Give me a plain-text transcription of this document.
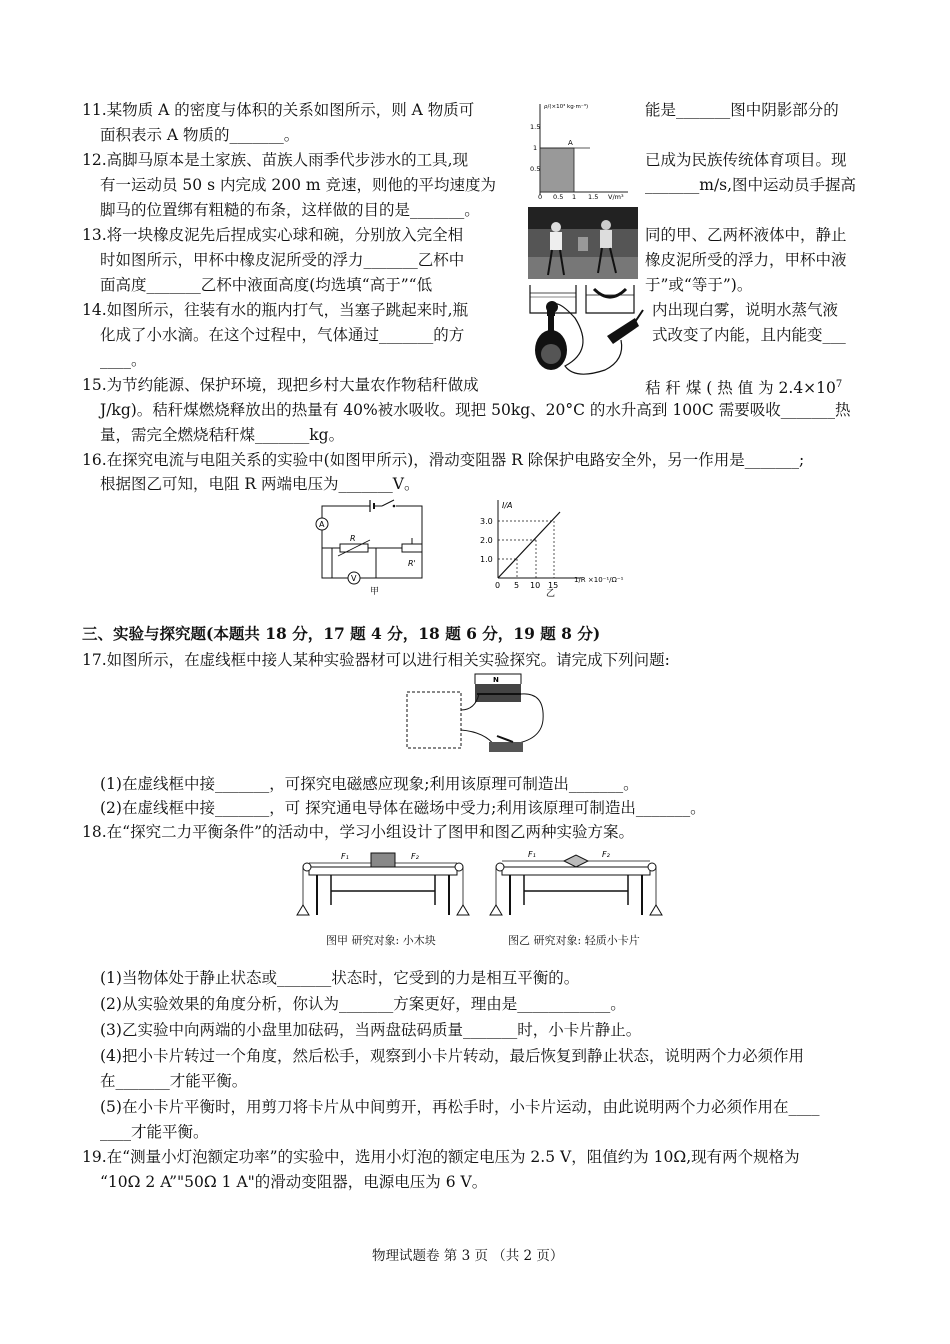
11.某物质 A 的密度与体积的关系如图所示，则 A 物质可	能是_______图中阴影部分的
面积表示 A 物质的_______。	A
ρ/(×10³ kg·m⁻³)
1.5
1
0.5
0 0.5 1 1.5 V/m³
12.高脚马原本是土家族、苗族人雨季代步涉水的工具,现	已成为民族传统体育项目。现
有一运动员 50 s 内完成 200 m 竞速，则他的平均速度为	_______m/s,图中运动员手握高
脚马的位置绑有粗糙的布条，这样做的目的是_______。
13.将一块橡皮泥先后捏成实心球和碗，分别放入完全相	同的甲、乙两杯液体中，静止
时如图所示，甲杯中橡皮泥所受的浮力_______乙杯中	橡皮泥所受的浮力，甲杯中液
面高度_______乙杯中液面高度(均选填“高于”“低	于”或“等于”)。
14.如图所示，往装有水的瓶内打气，当塞子跳起来时,瓶	内出现白雾，说明水蒸气液
化成了小水滴。在这个过程中，气体通过_______的方	式改变了内能，且内能变___
____。
15.为节约能源、保护环境，现把乡村大量农作物秸秆做成	秸 秆 煤 ( 热 值 为 $2.4\times 10^7$
J/kg)。秸秆煤燃烧释放出的热量有 40%被水吸收。现把 50kg、20°C 的水升高到 100C 需要吸收_______热
量，需完全燃烧秸秆煤_______kg。
16.在探究电流与电阻关系的实验中(如图甲所示)，滑动变阻器 R 除保护电路安全外，另一作用是_______;
根据图乙可知，电阻 R 两端电压为_______V。
A
R
R'
V
甲
I/A
3.0
2.0
1.0
0 5 10 15
1/R ×10⁻¹/Ω⁻¹
乙
三、实验与探究题(本题共 18 分，17 题 4 分，18 题 6 分，19 题 8 分)
17.如图所示，在虚线框中接人某种实验器材可以进行相关实验探究。请完成下列问题:
N
(1)在虚线框中接_______，可探究电磁感应现象;利用该原理可制造出_______。
(2)在虚线框中接_______，可 探究通电导体在磁场中受力;利用该原理可制造出_______。
18.在“探究二力平衡条件”的活动中，学习小组设计了图甲和图乙两种实验方案。
F₁	F₂
图甲 研究对象: 小木块
F₁	F₂
图乙 研究对象: 轻质小卡片
(1)当物体处于静止状态或_______状态时，它受到的力是相互平衡的。
(2)从实验效果的角度分析，你认为_______方案更好，理由是____________。
(3)乙实验中向两端的小盘里加砝码，当两盘砝码质量_______时，小卡片静止。
(4)把小卡片转过一个角度，然后松手，观察到小卡片转动，最后恢复到静止状态，说明两个力必须作用
在_______才能平衡。
(5)在小卡片平衡时，用剪刀将卡片从中间剪开，再松手时，小卡片运动，由此说明两个力必须作用在____
____才能平衡。
19.在“测量小灯泡额定功率”的实验中，选用小灯泡的额定电压为 2.5 V，阻值约为 10Ω,现有两个规格为
“10Ω 2 A”"50Ω 1 A"的滑动变阻器，电源电压为 6 V。
物理试题卷 第 3 页 （共 2 页）
